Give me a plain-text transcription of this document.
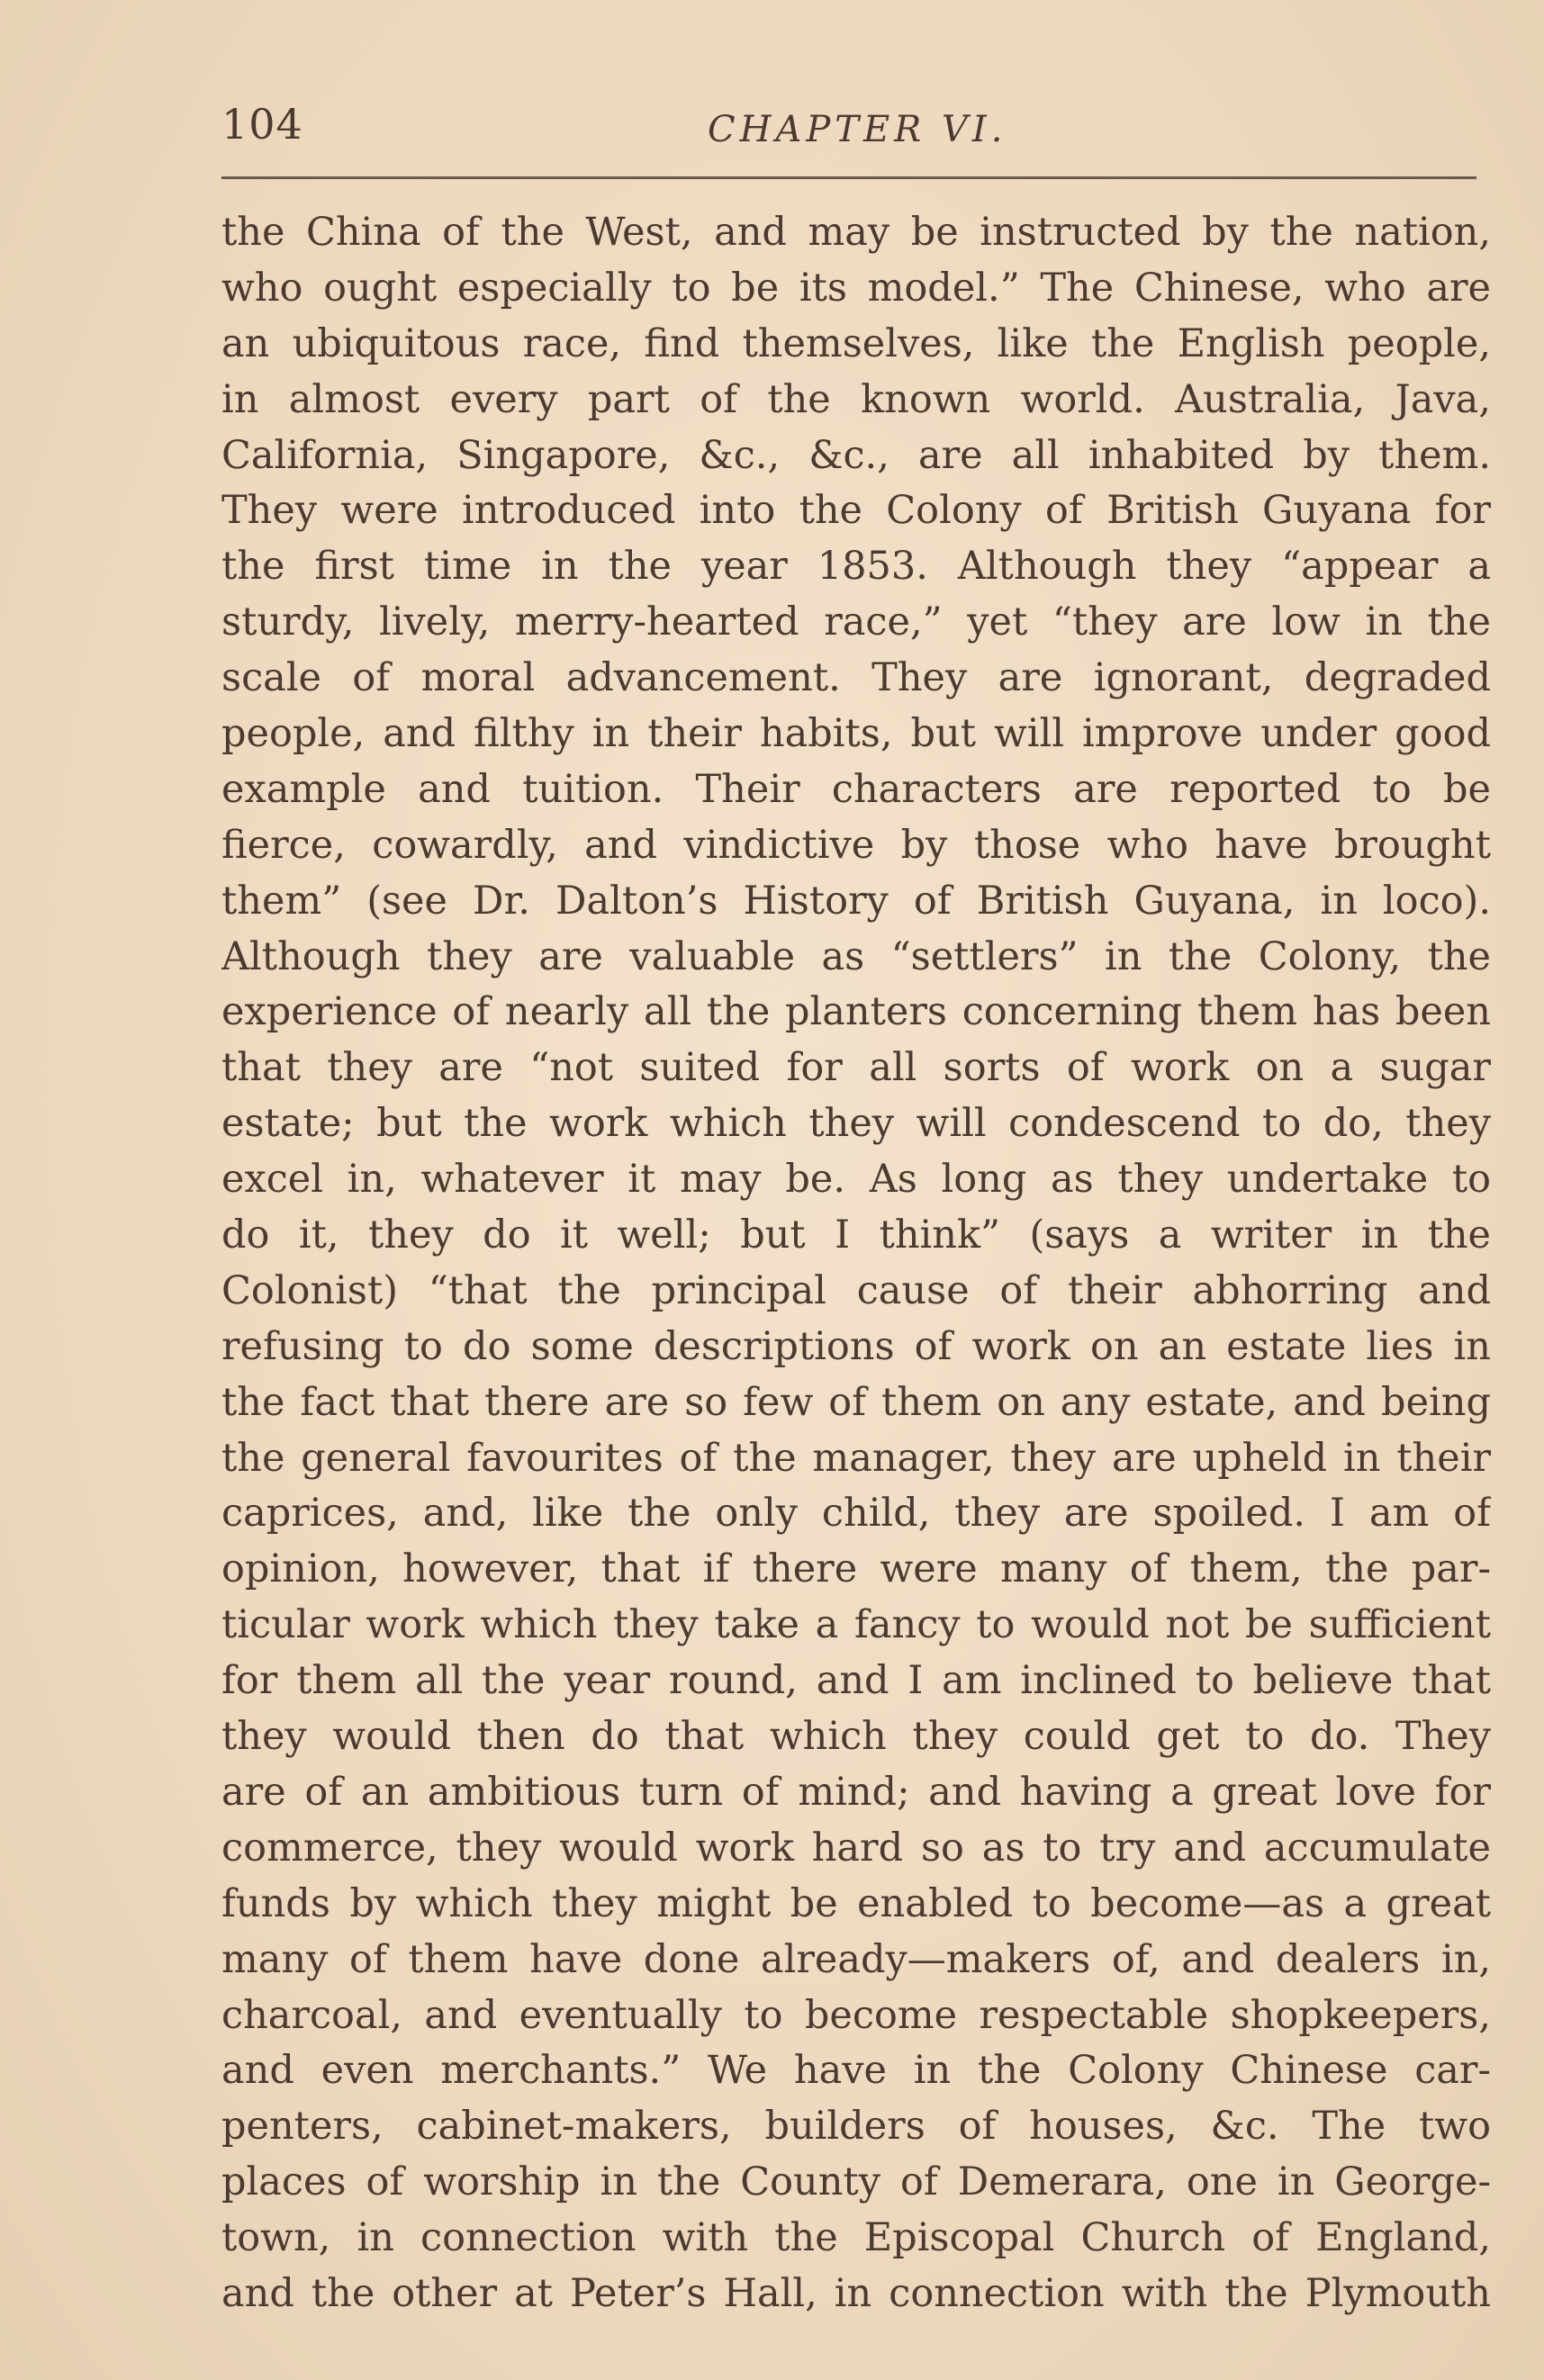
104	CHAPTER VI.
the China of the West, and may be instructed by the nation,
who ought especially to be its model.” The Chinese, who are
an ubiquitous race, find themselves, like the English people,
in almost every part of the known world. Australia, Java,
California, Singapore, &c., &c., are all inhabited by them.
They were introduced into the Colony of British Guyana for
the first time in the year 1853. Although they “appear a
sturdy, lively, merry-hearted race,” yet “they are low in the
scale of moral advancement. They are ignorant, degraded
people, and filthy in their habits, but will improve under good
example and tuition. Their characters are reported to be
fierce, cowardly, and vindictive by those who have brought
them” (see Dr. Dalton’s History of British Guyana, in loco).
Although they are valuable as “settlers” in the Colony, the
experience of nearly all the planters concerning them has been
that they are “not suited for all sorts of work on a sugar
estate; but the work which they will condescend to do, they
excel in, whatever it may be. As long as they undertake to
do it, they do it well; but I think” (says a writer in the
Colonist) “that the principal cause of their abhorring and
refusing to do some descriptions of work on an estate lies in
the fact that there are so few of them on any estate, and being
the general favourites of the manager, they are upheld in their
caprices, and, like the only child, they are spoiled. I am of
opinion, however, that if there were many of them, the par-
ticular work which they take a fancy to would not be sufficient
for them all the year round, and I am inclined to believe that
they would then do that which they could get to do. They
are of an ambitious turn of mind; and having a great love for
commerce, they would work hard so as to try and accumulate
funds by which they might be enabled to become—as a great
many of them have done already—makers of, and dealers in,
charcoal, and eventually to become respectable shopkeepers,
and even merchants.” We have in the Colony Chinese car-
penters, cabinet-makers, builders of houses, &c. The two
places of worship in the County of Demerara, one in George-
town, in connection with the Episcopal Church of England,
and the other at Peter’s Hall, in connection with the Plymouth
